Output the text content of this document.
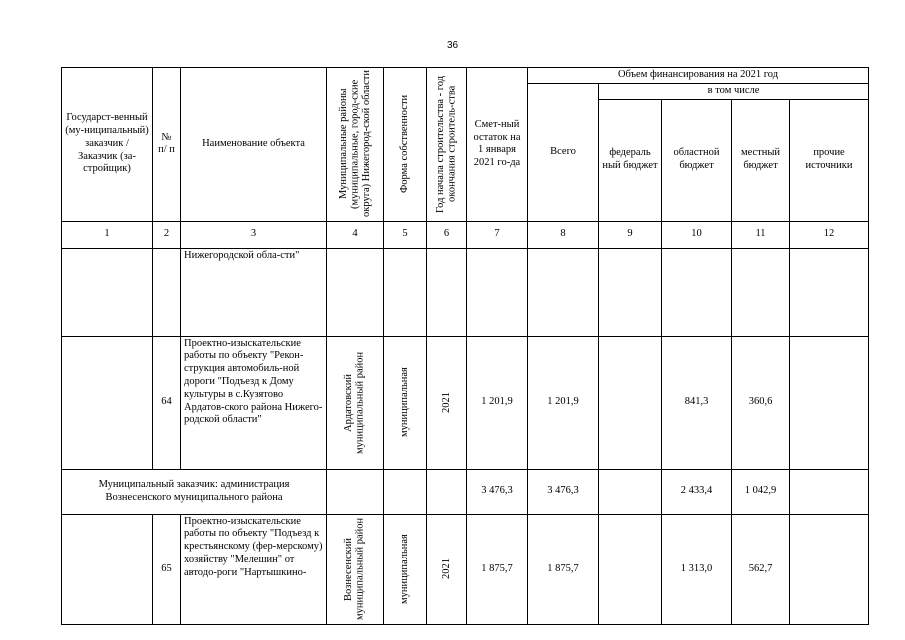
36
Государст-венный (му-ниципальный) заказчик / Заказчик (за-стройщик)	№ п/ п	Наименование объекта	Муниципальные районы (муниципальные, город-ские округа) Нижегород-ской области	Форма собственности	Год начала строительства - год окончания строитель-ства	Смет-ный остаток на 1 января 2021 го-да	Объем финансирования на 2021 год				
							Всего	в том числе			
								федераль ный бюджет	областной бюджет	местный бюджет	прочие источники
1	2	3	4	5	6	7	8	9	10	11	12
		Нижегородской обла-сти"									
	64	Проектно-изыскательские работы по объекту "Рекон-струкция автомобиль-ной дороги "Подъезд к Дому культуры в с.Кузятово Ардатов-ского района Нижего-родской области"	Ардатовский муниципальный район	муниципальная	2021	1 201,9	1 201,9		841,3	360,6	
Муниципальный заказчик: администрация Вознесенского муниципального района						3 476,3	3 476,3		2 433,4	1 042,9	
	65	Проектно-изыскательские работы по объекту "Подъезд к крестьянскому (фер-мерскому) хозяйству "Мелешин" от автодо-роги "Нартышкино-	Вознесенский муниципальный район	муниципальная	2021	1 875,7	1 875,7		1 313,0	562,7	
